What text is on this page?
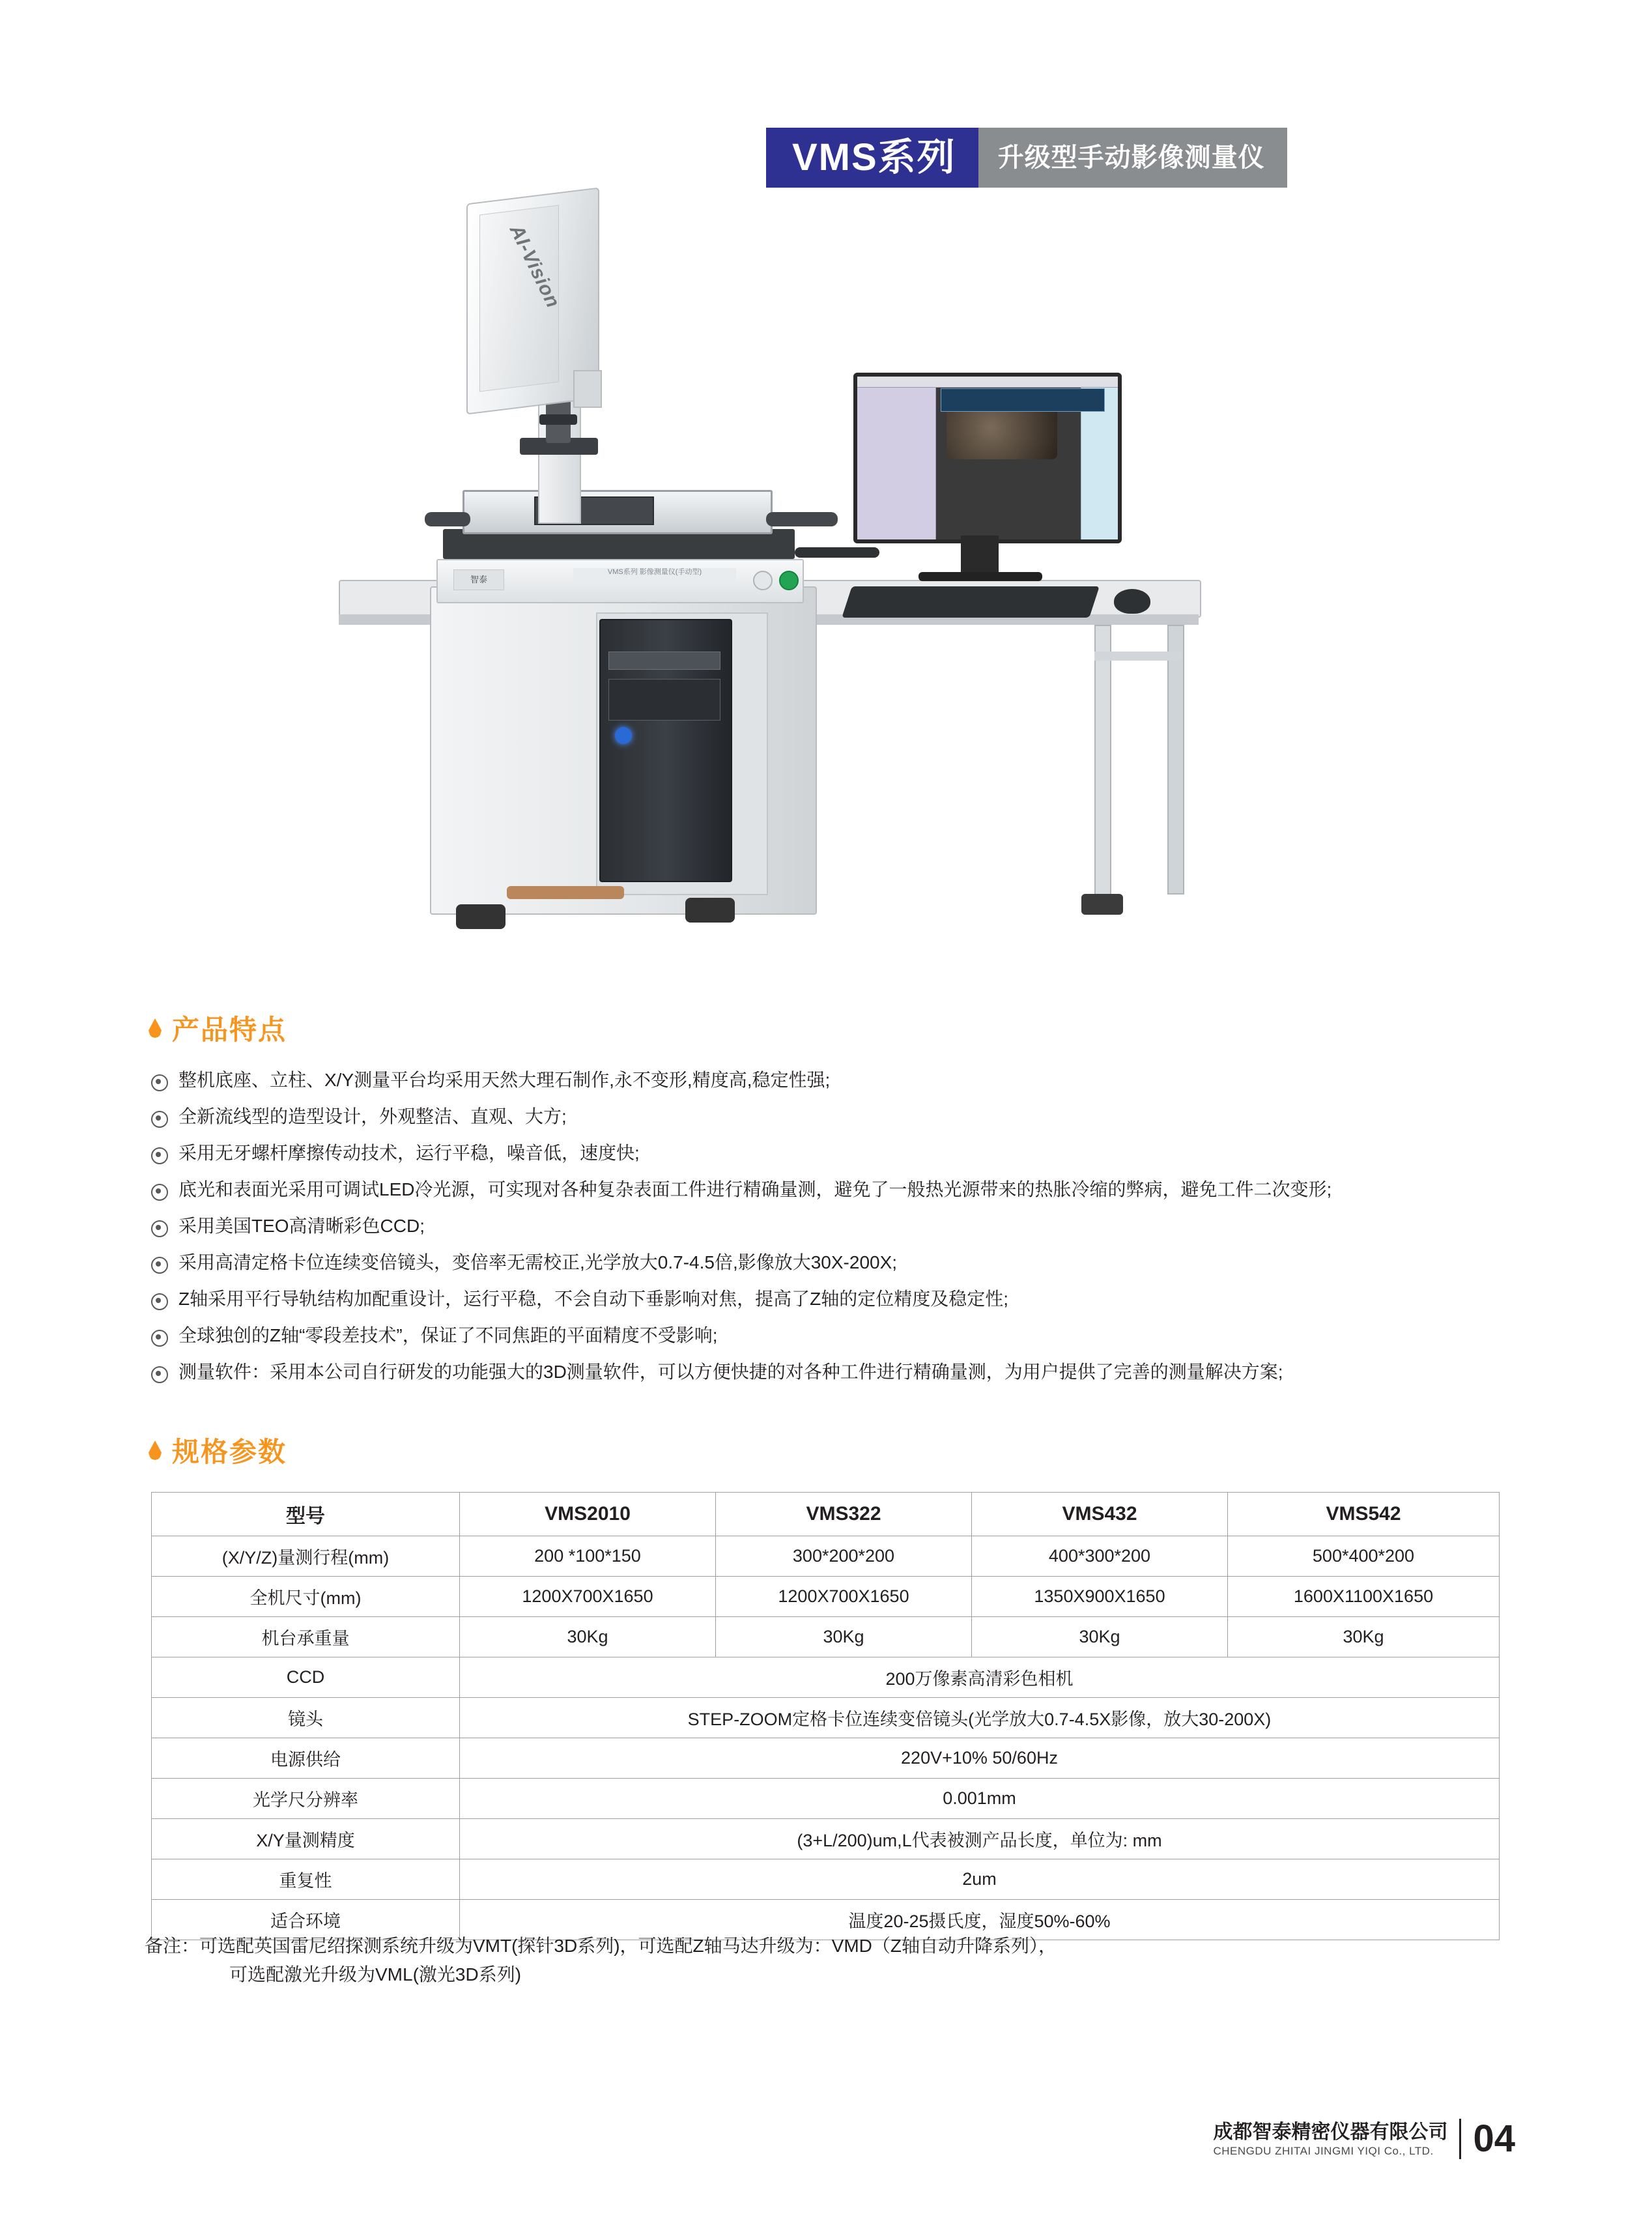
VMS系列	升级型手动影像测量仪
智泰
VMS系列 影像测量仪(手动型)
AI-Vision
产品特点
整机底座、立柱、X/Y测量平台均采用天然大理石制作,永不变形,精度高,稳定性强;
全新流线型的造型设计，外观整洁、直观、大方;
采用无牙螺杆摩擦传动技术，运行平稳，噪音低，速度快;
底光和表面光采用可调试LED冷光源，可实现对各种复杂表面工件进行精确量测，避免了一般热光源带来的热胀冷缩的弊病，避免工件二次变形;
采用美国TEO高清晰彩色CCD;
采用高清定格卡位连续变倍镜头，变倍率无需校正,光学放大0.7-4.5倍,影像放大30X-200X;
Z轴采用平行导轨结构加配重设计，运行平稳，不会自动下垂影响对焦，提高了Z轴的定位精度及稳定性;
全球独创的Z轴“零段差技术”，保证了不同焦距的平面精度不受影响;
测量软件：采用本公司自行研发的功能强大的3D测量软件，可以方便快捷的对各种工件进行精确量测，为用户提供了完善的测量解决方案;
规格参数
型号	VMS2010	VMS322	VMS432	VMS542
(X/Y/Z)量测行程(mm)	200 *100*150	300*200*200	400*300*200	500*400*200
全机尺寸(mm)	1200X700X1650	1200X700X1650	1350X900X1650	1600X1100X1650
机台承重量	30Kg	30Kg	30Kg	30Kg
CCD	200万像素高清彩色相机			
镜头	STEP-ZOOM定格卡位连续变倍镜头(光学放大0.7-4.5X影像，放大30-200X)			
电源供给	220V+10% 50/60Hz			
光学尺分辨率	0.001mm			
X/Y量测精度	(3+L/200)um,L代表被测产品长度，单位为: mm			
重复性	2um			
适合环境	温度20-25摄氏度，湿度50%-60%			
备注：可选配英国雷尼绍探测系统升级为VMT(探针3D系列)，可选配Z轴马达升级为：VMD（Z轴自动升降系列），
可选配激光升级为VML(激光3D系列)
成都智泰精密仪器有限公司
CHENGDU ZHITAI JINGMI YIQI Co., LTD.	04
